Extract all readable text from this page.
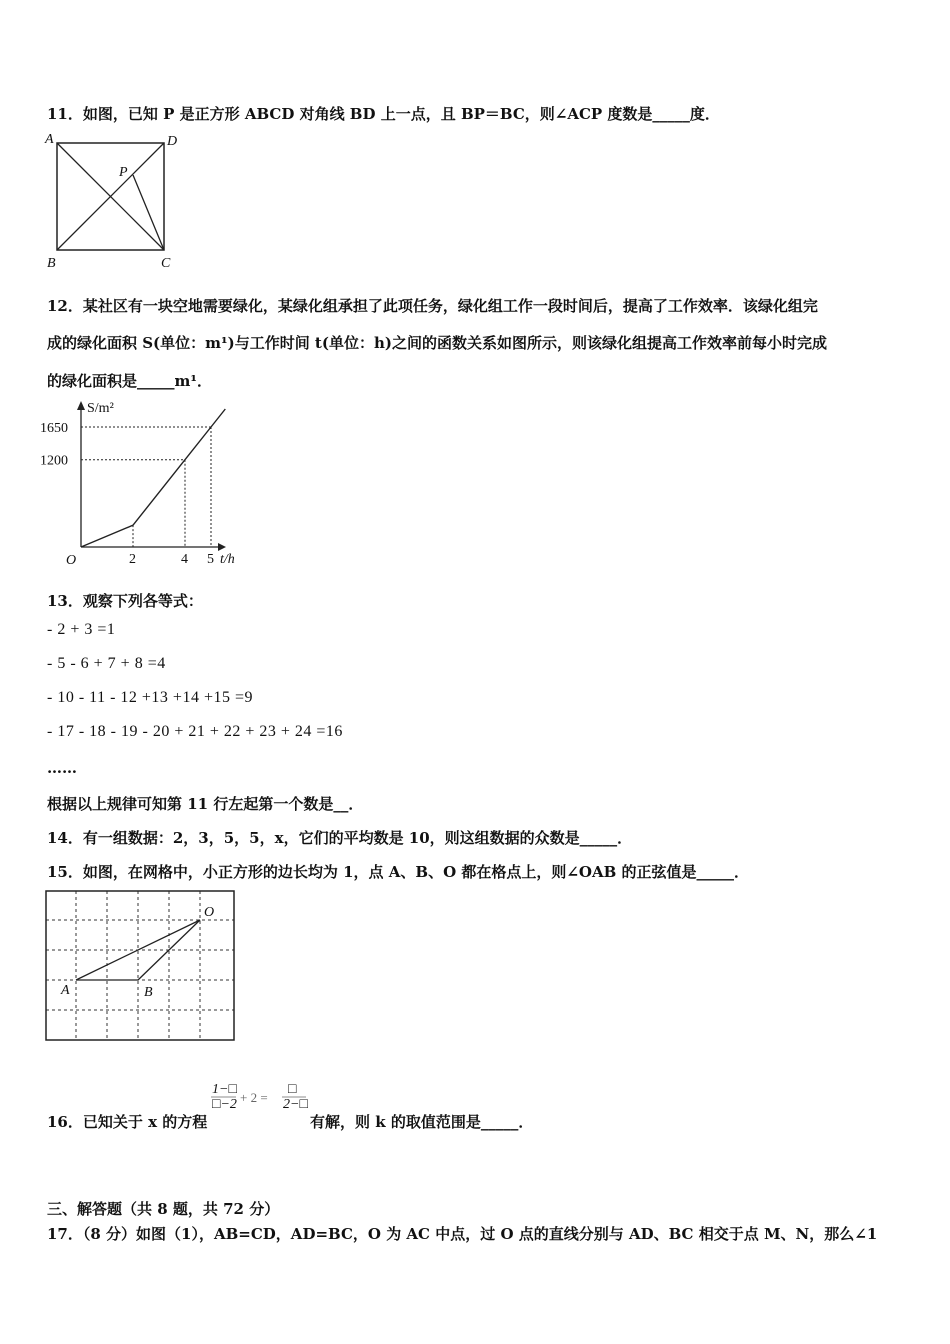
11．如图，已知 P 是正方形 ABCD 对角线 BD 上一点，且 BP＝BC，则∠ACP 度数是_____度．
A	D
P
B	C
12．某社区有一块空地需要绿化，某绿化组承担了此项任务，绿化组工作一段时间后，提高了工作效率．该绿化组完
成的绿化面积 S(单位：m¹)与工作时间 t(单位：h)之间的函数关系如图所示，则该绿化组提高工作效率前每小时完成
的绿化面积是_____m¹．
S/m²
t/h
O	2	4 5
1200
1650
13．观察下列各等式：
- 2 + 3 =1
- 5 - 6 + 7 + 8 =4
- 10 - 11 - 12 +13 +14 +15 =9
- 17 - 18 - 19 - 20 + 21 + 22 + 23 + 24 =16
……
根据以上规律可知第 11 行左起第一个数是__．
14．有一组数据：2，3，5，5，x，它们的平均数是 10，则这组数据的众数是_____．
15．如图，在网格中，小正方形的边长均为 1，点 A、B、O 都在格点上，则∠OAB 的正弦值是_____．
A	B
O
16．已知关于 x 的方程
1−□
□−2 + 2 =
□
2−□
有解，则 k 的取值范围是_____．
三、解答题（共 8 题，共 72 分）
17．（8 分）如图（1），AB=CD，AD=BC，O 为 AC 中点，过 O 点的直线分别与 AD、BC 相交于点 M、N，那么∠1
